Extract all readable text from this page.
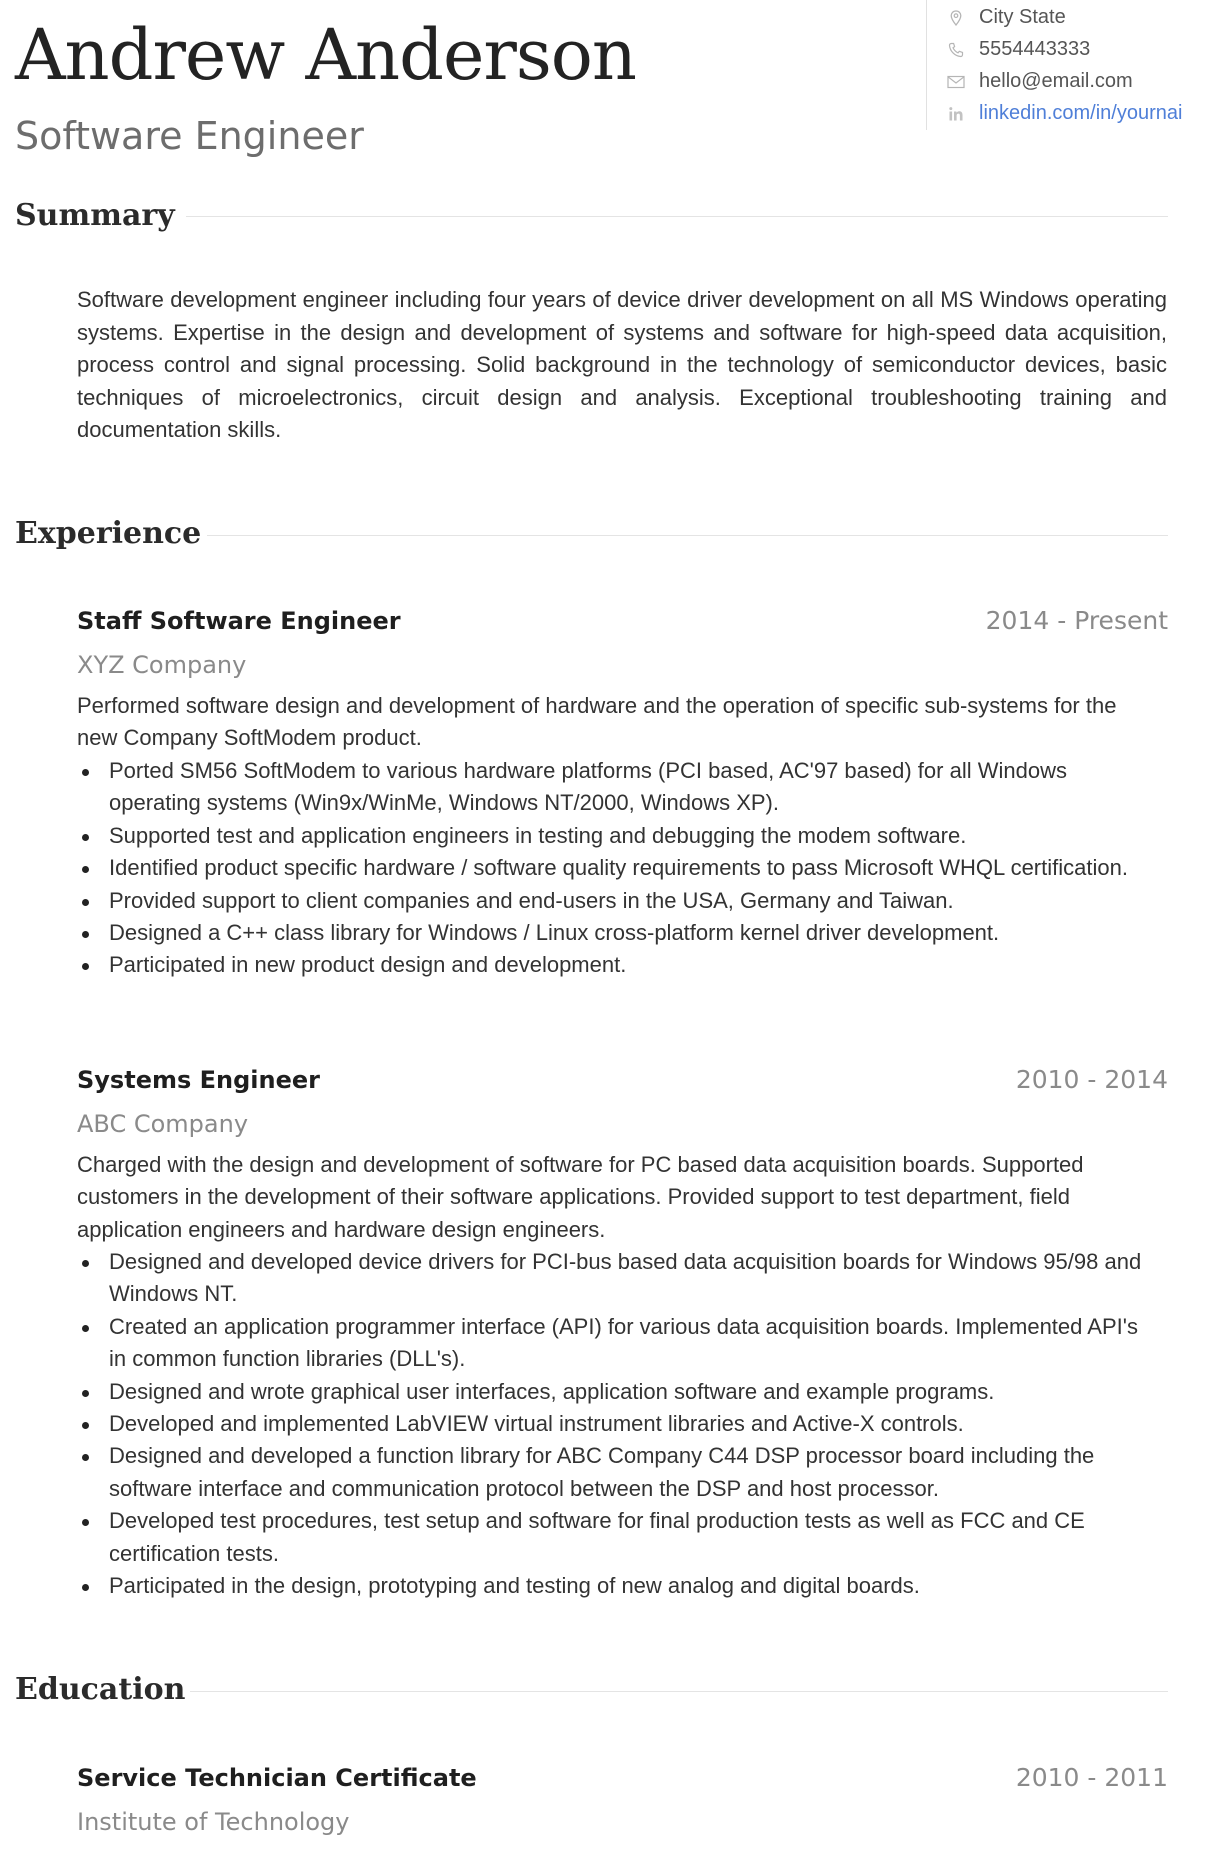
Andrew Anderson
Software Engineer
City State
5554443333
hello@email.com
linkedin.com/in/yournai
Summary

Software development engineer including four years of device driver development on all MS Windows operating systems. Expertise in the design and development of systems and software for high-speed data acquisition, process control and signal processing. Solid background in the technology of semiconductor devices, basic techniques of microelectronics, circuit design and analysis. Exceptional troubleshooting training and documentation skills.

Experience
Staff Software Engineer	2014 - Present

XYZ Company

Performed software design and development of hardware and the operation of specific sub-systems for the new Company SoftModem product.

Ported SM56 SoftModem to various hardware platforms (PCI based, AC'97 based) for all Windows operating systems (Win9x/WinMe, Windows NT/2000, Windows XP).
Supported test and application engineers in testing and debugging the modem software.
Identified product specific hardware / software quality requirements to pass Microsoft WHQL certification.
Provided support to client companies and end-users in the USA, Germany and Taiwan.
Designed a C++ class library for Windows / Linux cross-platform kernel driver development.
Participated in new product design and development.
Systems Engineer	2010 - 2014

ABC Company

Charged with the design and development of software for PC based data acquisition boards. Supported customers in the development of their software applications. Provided support to test department, field application engineers and hardware design engineers.

Designed and developed device drivers for PCI-bus based data acquisition boards for Windows 95/98 and Windows NT.
Created an application programmer interface (API) for various data acquisition boards. Implemented API's in common function libraries (DLL's).
Designed and wrote graphical user interfaces, application software and example programs.
Developed and implemented LabVIEW virtual instrument libraries and Active-X controls.
Designed and developed a function library for ABC Company C44 DSP processor board including the software interface and communication protocol between the DSP and host processor.
Developed test procedures, test setup and software for final production tests as well as FCC and CE certification tests.
Participated in the design, prototyping and testing of new analog and digital boards.
Education
Service Technician Certificate	2010 - 2011

Institute of Technology
